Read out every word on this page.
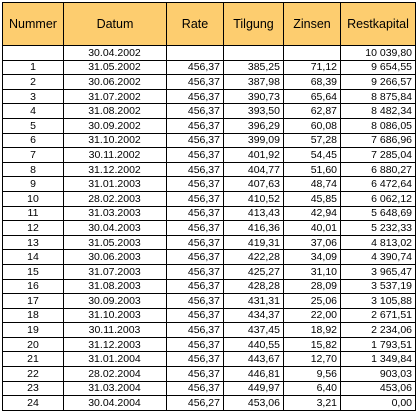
Nummer	Datum	Rate	Tilgung	Zinsen	Restkapital
	30.04.2002				10 039,80
1	31.05.2002	456,37	385,25	71,12	9 654,55
2	30.06.2002	456,37	387,98	68,39	9 266,57
3	31.07.2002	456,37	390,73	65,64	8 875,84
4	31.08.2002	456,37	393,50	62,87	8 482,34
5	30.09.2002	456,37	396,29	60,08	8 086,05
6	31.10.2002	456,37	399,09	57,28	7 686,96
7	30.11.2002	456,37	401,92	54,45	7 285,04
8	31.12.2002	456,37	404,77	51,60	6 880,27
9	31.01.2003	456,37	407,63	48,74	6 472,64
10	28.02.2003	456,37	410,52	45,85	6 062,12
11	31.03.2003	456,37	413,43	42,94	5 648,69
12	30.04.2003	456,37	416,36	40,01	5 232,33
13	31.05.2003	456,37	419,31	37,06	4 813,02
14	30.06.2003	456,37	422,28	34,09	4 390,74
15	31.07.2003	456,37	425,27	31,10	3 965,47
16	31.08.2003	456,37	428,28	28,09	3 537,19
17	30.09.2003	456,37	431,31	25,06	3 105,88
18	31.10.2003	456,37	434,37	22,00	2 671,51
19	30.11.2003	456,37	437,45	18,92	2 234,06
20	31.12.2003	456,37	440,55	15,82	1 793,51
21	31.01.2004	456,37	443,67	12,70	1 349,84
22	28.02.2004	456,37	446,81	9,56	903,03
23	31.03.2004	456,37	449,97	6,40	453,06
24	30.04.2004	456,27	453,06	3,21	0,00
